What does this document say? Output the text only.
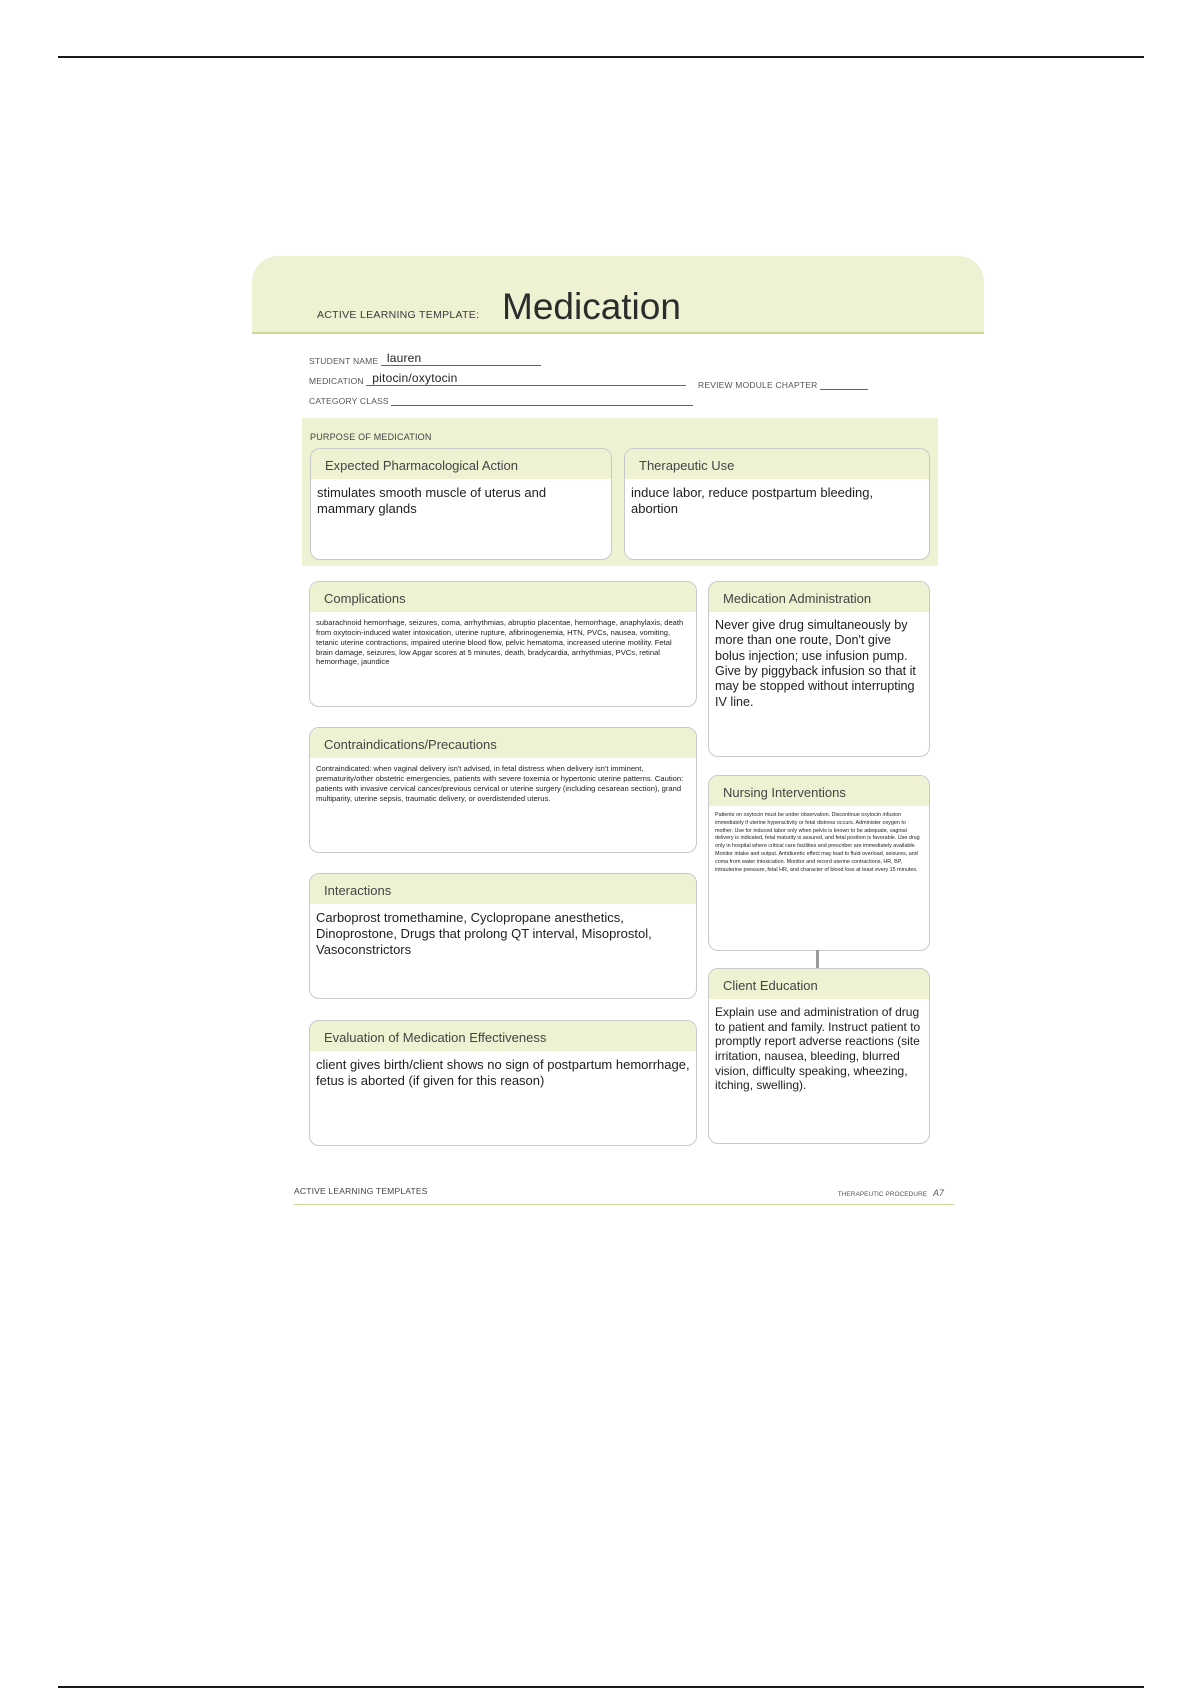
ACTIVE LEARNING TEMPLATE: Medication
STUDENT NAME lauren
MEDICATION pitocin/oxytocin	REVIEW MODULE CHAPTER
CATEGORY CLASS
PURPOSE OF MEDICATION
Expected Pharmacological Action
stimulates smooth muscle of uterus and mammary glands
Therapeutic Use
induce labor, reduce postpartum bleeding, abortion
Complications
subarachnoid hemorrhage, seizures, coma, arrhythmias, abruptio placentae, hemorrhage, anaphylaxis, death from oxytocin-induced water intoxication, uterine rupture, afibrinogenemia, HTN, PVCs, nausea, vomiting, tetanic uterine contractions, impaired uterine blood flow, pelvic hematoma, increased uterine motility. Fetal brain damage, seizures, low Apgar scores at 5 minutes, death, bradycardia, arrhythmias, PVCs, retinal hemorrhage, jaundice
Medication Administration
Never give drug simultaneously by more than one route, Don't give bolus injection; use infusion pump. Give by piggyback infusion so that it may be stopped without interrupting IV line.
Contraindications/Precautions
Contraindicated: when vaginal delivery isn't advised, in fetal distress when delivery isn't imminent, prematurity/other obstetric emergencies, patients with severe toxemia or hypertonic uterine patterns. Caution: patients with invasive cervical cancer/previous cervical or uterine surgery (including cesarean section), grand multiparity, uterine sepsis, traumatic delivery, or overdistended uterus.	Nursing Interventions
Patients on oxytocin must be under observation. Discontinue oxytocin infusion immediately if uterine hyperactivity or fetal distress occurs. Administer oxygen to mother. Use for induced labor only when pelvis is known to be adequate, vaginal delivery is indicated, fetal maturity is assured, and fetal position is favorable. Use drug only in hospital where critical care facilities and prescriber are immediately available. Monitor intake and output. Antidiuretic effect may lead to fluid overload, seizures, and coma from water intoxication. Monitor and record uterine contractions, HR, BP, intrauterine pressure, fetal HR, and character of blood loss at least every 15 minutes.
Interactions
Carboprost tromethamine, Cyclopropane anesthetics, Dinoprostone, Drugs that prolong QT interval, Misoprostol, Vasoconstrictors
Client Education
Explain use and administration of drug to patient and family. Instruct patient to promptly report adverse reactions (site irritation, nausea, bleeding, blurred vision, difficulty speaking, wheezing, itching, swelling).
Evaluation of Medication Effectiveness
client gives birth/client shows no sign of postpartum hemorrhage, fetus is aborted (if given for this reason)
ACTIVE LEARNING TEMPLATES	THERAPEUTIC PROCEDURE A7
